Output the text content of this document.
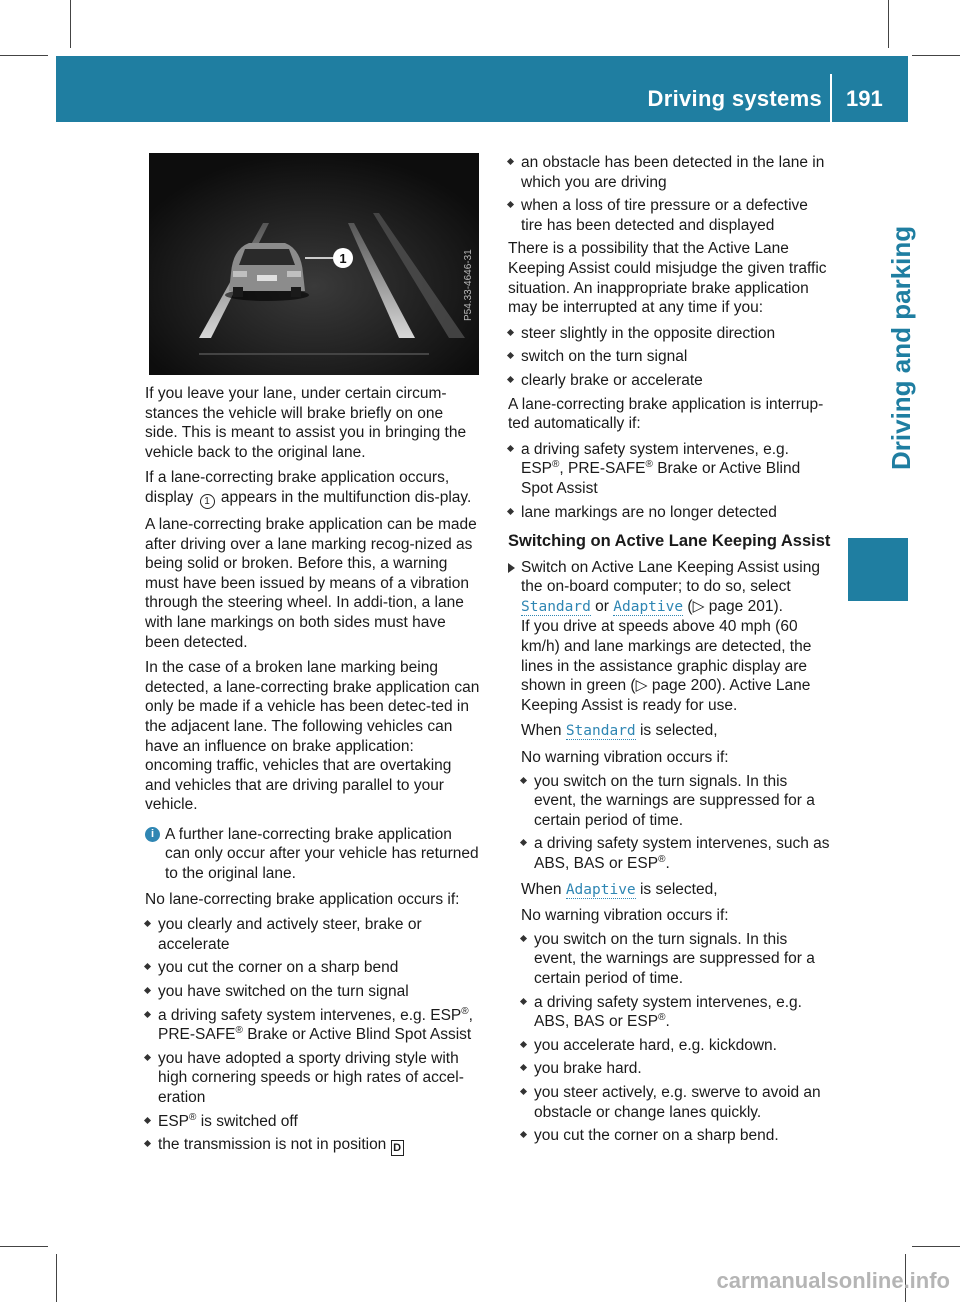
Driving systems 191
Driving and parking
1	P54.33-4646-31

If you leave your lane, under certain circum-stances the vehicle will brake briefly on one side. This is meant to assist you in bringing the vehicle back to the original lane.

If a lane-correcting brake application occurs, display 1 appears in the multifunction dis-play.

A lane-correcting brake application can be made after driving over a lane marking recog-nized as being solid or broken. Before this, a warning must have been issued by means of a vibration through the steering wheel. In addi-tion, a lane with lane markings on both sides must have been detected.

In the case of a broken lane marking being detected, a lane-correcting brake application can only be made if a vehicle has been detec-ted in the adjacent lane. The following vehicles can have an influence on brake application: oncoming traffic, vehicles that are overtaking and vehicles that are driving parallel to your vehicle.

i A further lane-correcting brake application can only occur after your vehicle has returned to the original lane.

No lane-correcting brake application occurs if:

you clearly and actively steer, brake or accelerate
you cut the corner on a sharp bend
you have switched on the turn signal
a driving safety system intervenes, e.g. ESP®, PRE-SAFE® Brake or Active Blind Spot Assist
you have adopted a sporty driving style with high cornering speeds or high rates of accel-eration
ESP® is switched off
the transmission is not in position D
an obstacle has been detected in the lane in which you are driving
when a loss of tire pressure or a defective tire has been detected and displayed

There is a possibility that the Active Lane Keeping Assist could misjudge the given traffic situation. An inappropriate brake application may be interrupted at any time if you:

steer slightly in the opposite direction
switch on the turn signal
clearly brake or accelerate

A lane-correcting brake application is interrup-ted automatically if:

a driving safety system intervenes, e.g. ESP®, PRE-SAFE® Brake or Active Blind Spot Assist
lane markings are no longer detected
Switching on Active Lane Keeping Assist
Switch on Active Lane Keeping Assist using the on-board computer; to do so, select Standard or Adaptive (▷ page 201).
If you drive at speeds above 40 mph (60 km/h) and lane markings are detected, the lines in the assistance graphic display are shown in green (▷ page 200). Active Lane Keeping Assist is ready for use.
When Standard is selected,
No warning vibration occurs if:
you switch on the turn signals. In this event, the warnings are suppressed for a certain period of time.
a driving safety system intervenes, such as ABS, BAS or ESP®.
When Adaptive is selected,
No warning vibration occurs if:
you switch on the turn signals. In this event, the warnings are suppressed for a certain period of time.
a driving safety system intervenes, e.g. ABS, BAS or ESP®.
you accelerate hard, e.g. kickdown.
you brake hard.
you steer actively, e.g. swerve to avoid an obstacle or change lanes quickly.
you cut the corner on a sharp bend.
carmanualsonline.info
